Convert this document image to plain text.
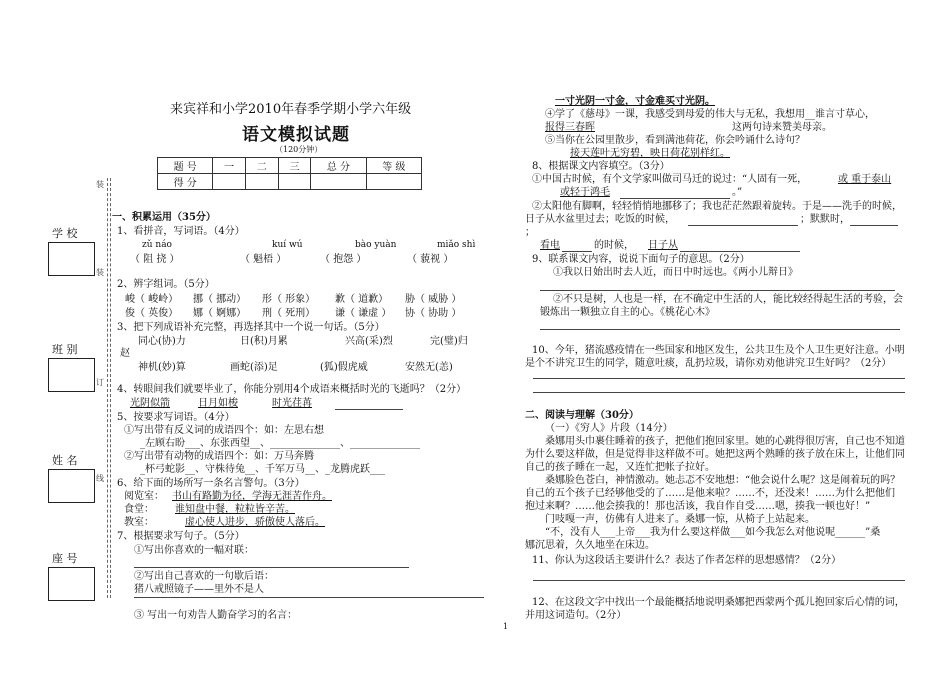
装
装
订
线
学 校
班 别
姓 名
座 号
来宾祥和小学2010年春季学期小学六年级
语文模拟试题
（120分钟）
题 号	一	二	三	总 分	等 级
得 分					
一、积累运用（35分）
1、看拼音，写词语。（4分）
zǔ náo	kuí wú	bào yuàn	miǎo shì
（ 阻 挠 ）	（ 魁梧 ）	（ 抱怨 ）	（ 藐视 ）
2、辨字组词。（5分）
峻（ 峻岭） 挪（ 挪动） 形（ 形象） 歉（ 道歉） 胁（ 威胁 ）
俊（ 英俊） 娜（ 婀娜） 刑（ 死刑） 谦（ 谦虚 ） 协（ 协助 ）
3、把下列成语补充完整，再选择其中一个说一句话。（5分）
同心(协)力	日(积)月累	兴高(采)烈	完(璧)归
赵
神机(妙)算	画蛇(添)足	(狐)假虎威	安然无(恙)
4、转眼间我们就要毕业了，你能分别用4个成语来概括时光的飞逝吗？（2分）
光阴似箭	日月如梭	时光荏苒
5、按要求写词语。（4分）
①写出带有反义词的成语四个：如：左思右想
_左顾右盼___、东张西望__、______________、______________
②写出带有动物的成语四个：如：万马奔腾
_杯弓蛇影__、守株待兔__、千军万马__、_龙腾虎跃___
6、给下面的场所写一条名言警句。（3分）
阅览室： 书山有路勤为径，学海无涯苦作舟。
食堂： 谁知盘中餐，粒粒皆辛苦。
教室：	虚心使人进步，骄傲使人落后。
7、根据要求写句子。（5分）
①写出你喜欢的一幅对联：
②写出自己喜欢的一句歇后语：
猪八戒照镜子——里外不是人
③ 写出一句劝告人勤奋学习的名言：
1
一寸光阴一寸金，寸金难买寸光阴。
④学了《慈母》一课，我感受到母爱的伟大与无私，我想用__谁言寸草心，
报得三春晖	这两句诗来赞美母亲。
⑤当你在公园里散步，看到满池荷花，你会吟诵什么诗句？
接天莲叶无穷碧，映日荷花别样红。
8、根据课文内容填空。（3分）
①中国古时候，有个文学家叫做司马迁的说过：“人固有一死，	或 重于泰山
或轻于鸿毛	。”
②太阳他有脚啊，轻轻悄悄地挪移了；我也茫茫然跟着旋转。于是——洗手的时候，
日子从水盆里过去；吃饭的时候，	；默默时，
；
看电	的时候， 日子从
9、联系课文内容，说说下面句子的意思。（2分）
①我以日始出时去人近，而日中时远也。《两小儿辩日》
②不只是树，人也是一样，在不确定中生活的人，能比较经得起生活的考验，会
锻炼出一颗独立自主的心。《桃花心木》
10、今年，猪流感疫情在一些国家和地区发生，公共卫生及个人卫生更好注意。小明
是个不讲究卫生的同学，随意吐痰，乱扔垃圾，请你劝劝他讲究卫生好吗？（2分）
二、阅读与理解（30分）
（一）《穷人》片段（14分）
桑娜用头巾裹住睡着的孩子，把他们抱回家里。她的心跳得很厉害，自己也不知道
为什么要这样做，但是觉得非这样做不可。她把这两个熟睡的孩子放在床上，让他们同
自己的孩子睡在一起，又连忙把帐子拉好。
桑娜脸色苍白，神情激动。她忐忑不安地想：“他会说什么呢？这是闹着玩的吗？
自己的五个孩子已经够他受的了……是他来啦？……不，还没来！……为什么把他们
抱过来啊？……他会揍我的！那也活该，我自作自受……嗯，揍我一顿也好！”
门吱嘎一声，仿佛有人进来了。桑娜一惊，从椅子上站起来。
“不，没有人___上帝___我为什么要这样做___如今我怎么对他说呢______”桑
娜沉思着，久久地坐在床边。
11、你认为这段话主要讲什么？表达了作者怎样的思想感情？（2分）
12、在这段文字中找出一个最能概括地说明桑娜把西蒙两个孤儿抱回家后心情的词，
并用这词造句。（2分）
